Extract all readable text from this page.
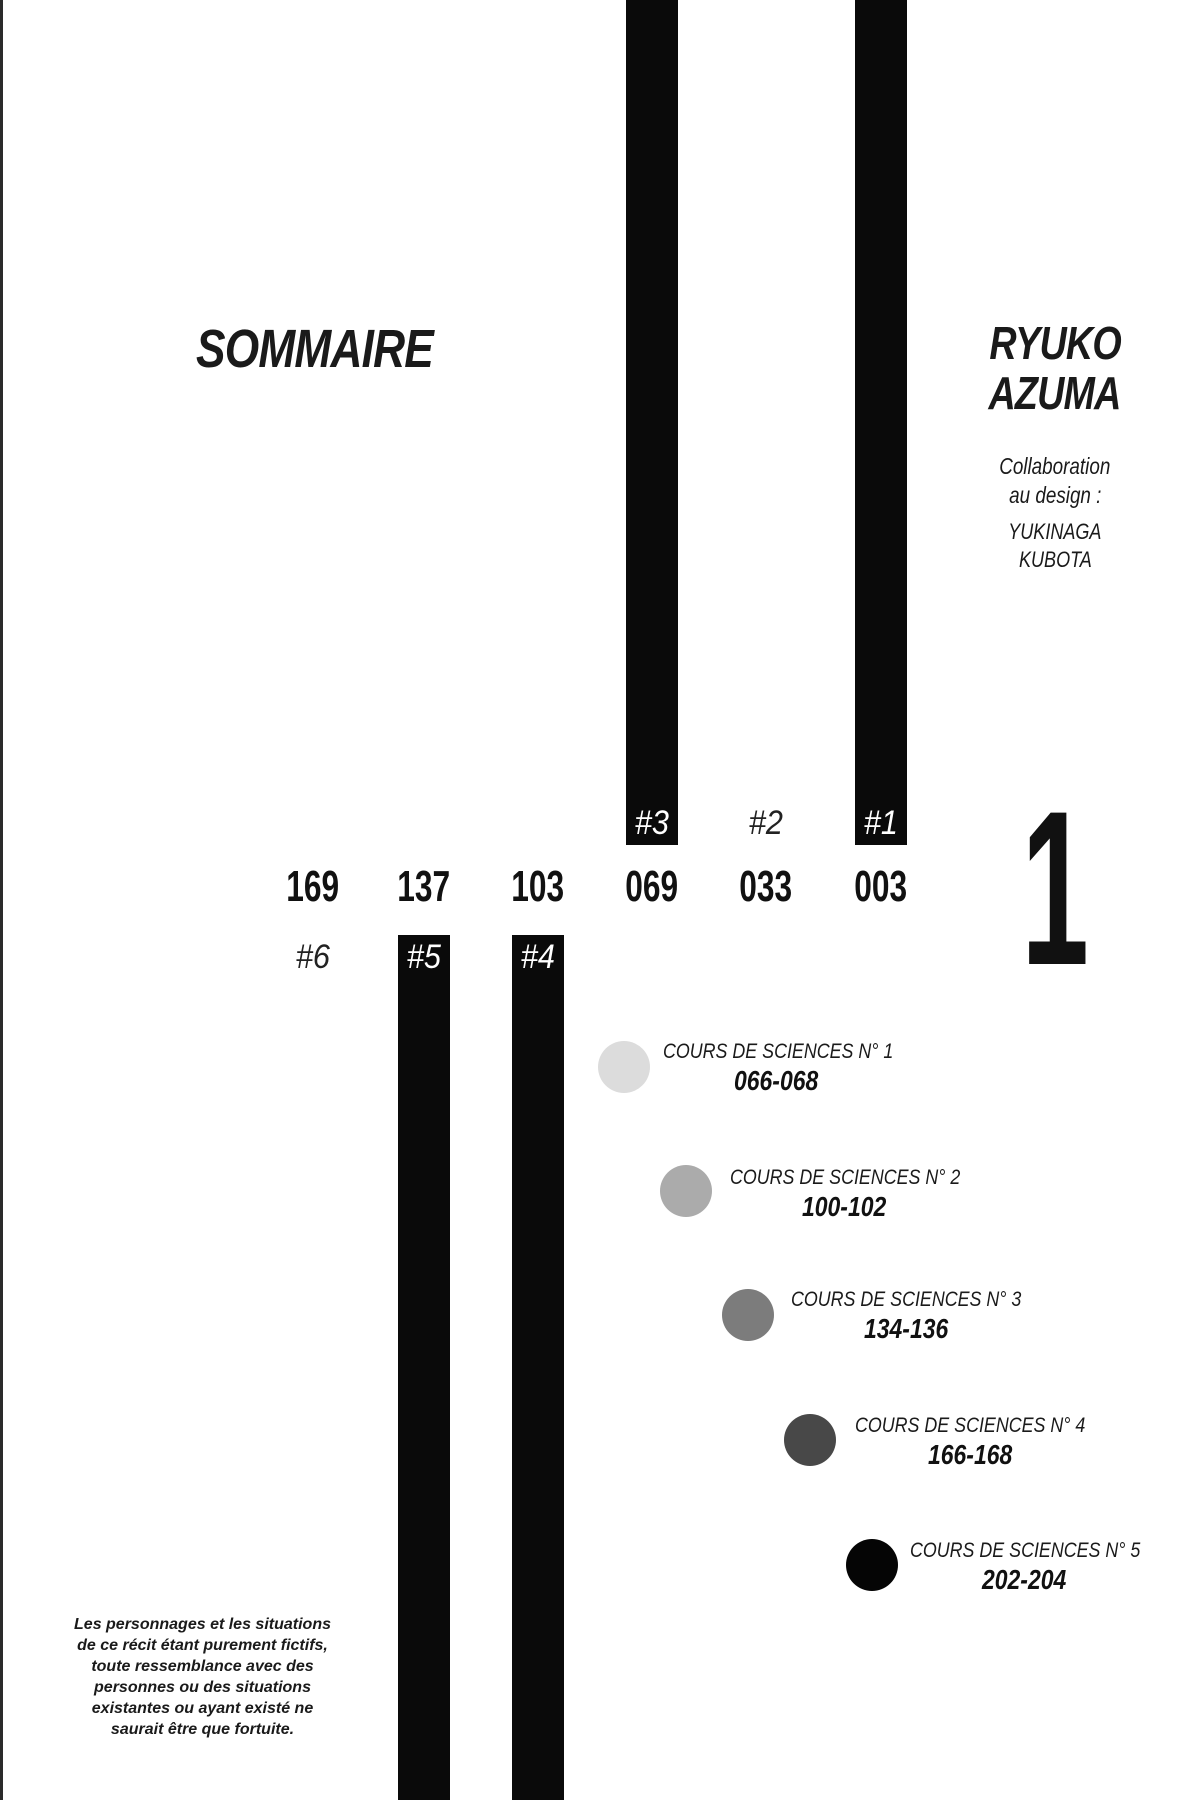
SOMMAIRE	RYUKO
AZUMA
Collaboration
au design :
YUKINAGA
KUBOTA
1
#1
#2
#3
003
033
069
103
137
169
#4
#5
#6
COURS DE SCIENCES N° 1
066-068
COURS DE SCIENCES N° 2
100-102
COURS DE SCIENCES N° 3
134-136
COURS DE SCIENCES N° 4
166-168
COURS DE SCIENCES N° 5
202-204
Les personnages et les situations
de ce récit étant purement fictifs,
toute ressemblance avec des
personnes ou des situations
existantes ou ayant existé ne
saurait être que fortuite.
